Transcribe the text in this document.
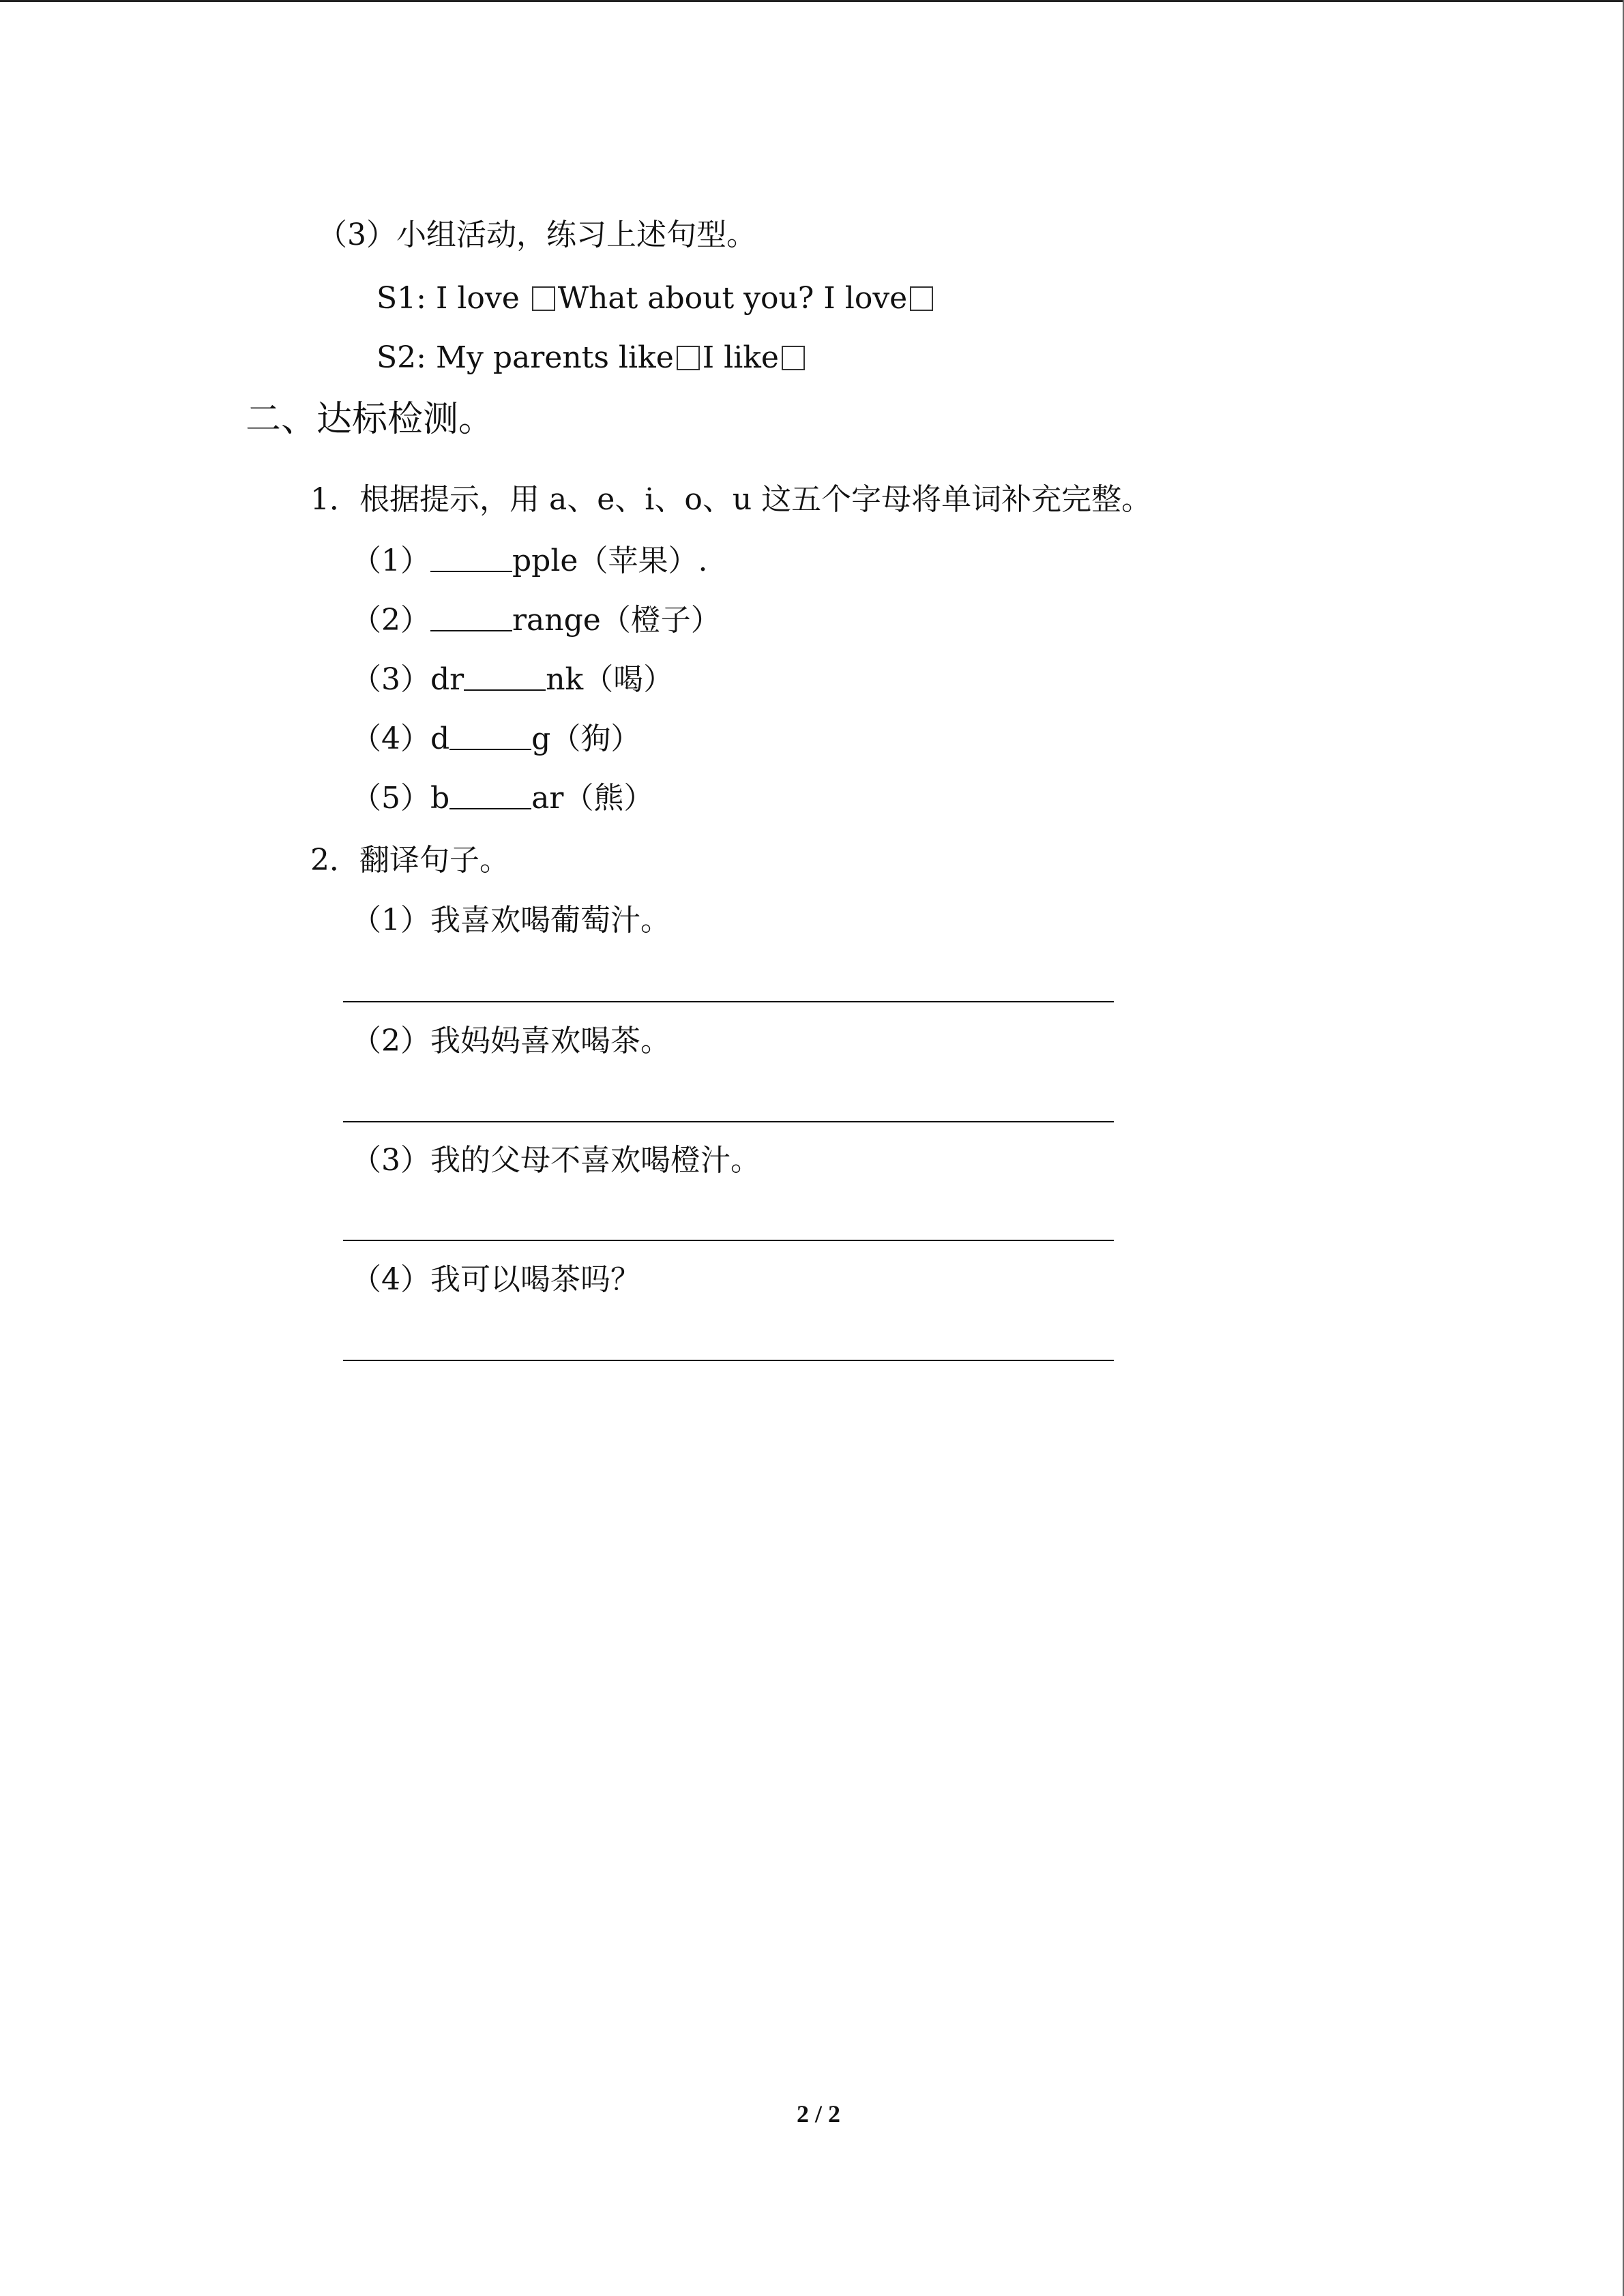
（3）小组活动，练习上述句型。
S1: I love What about you? I love
S2: My parents like I like
二、达标检测。
1．根据提示，用 a、e、i、o、u 这五个字母将单词补充完整。
（1）	pple（苹果）.
（2）	range（橙子）
（3）dr	nk（喝）
（4）d	g（狗）
（5）b	ar（熊）
2．翻译句子。
（1）我喜欢喝葡萄汁。
（2）我妈妈喜欢喝茶。
（3）我的父母不喜欢喝橙汁。
（4）我可以喝茶吗？
2 / 2
